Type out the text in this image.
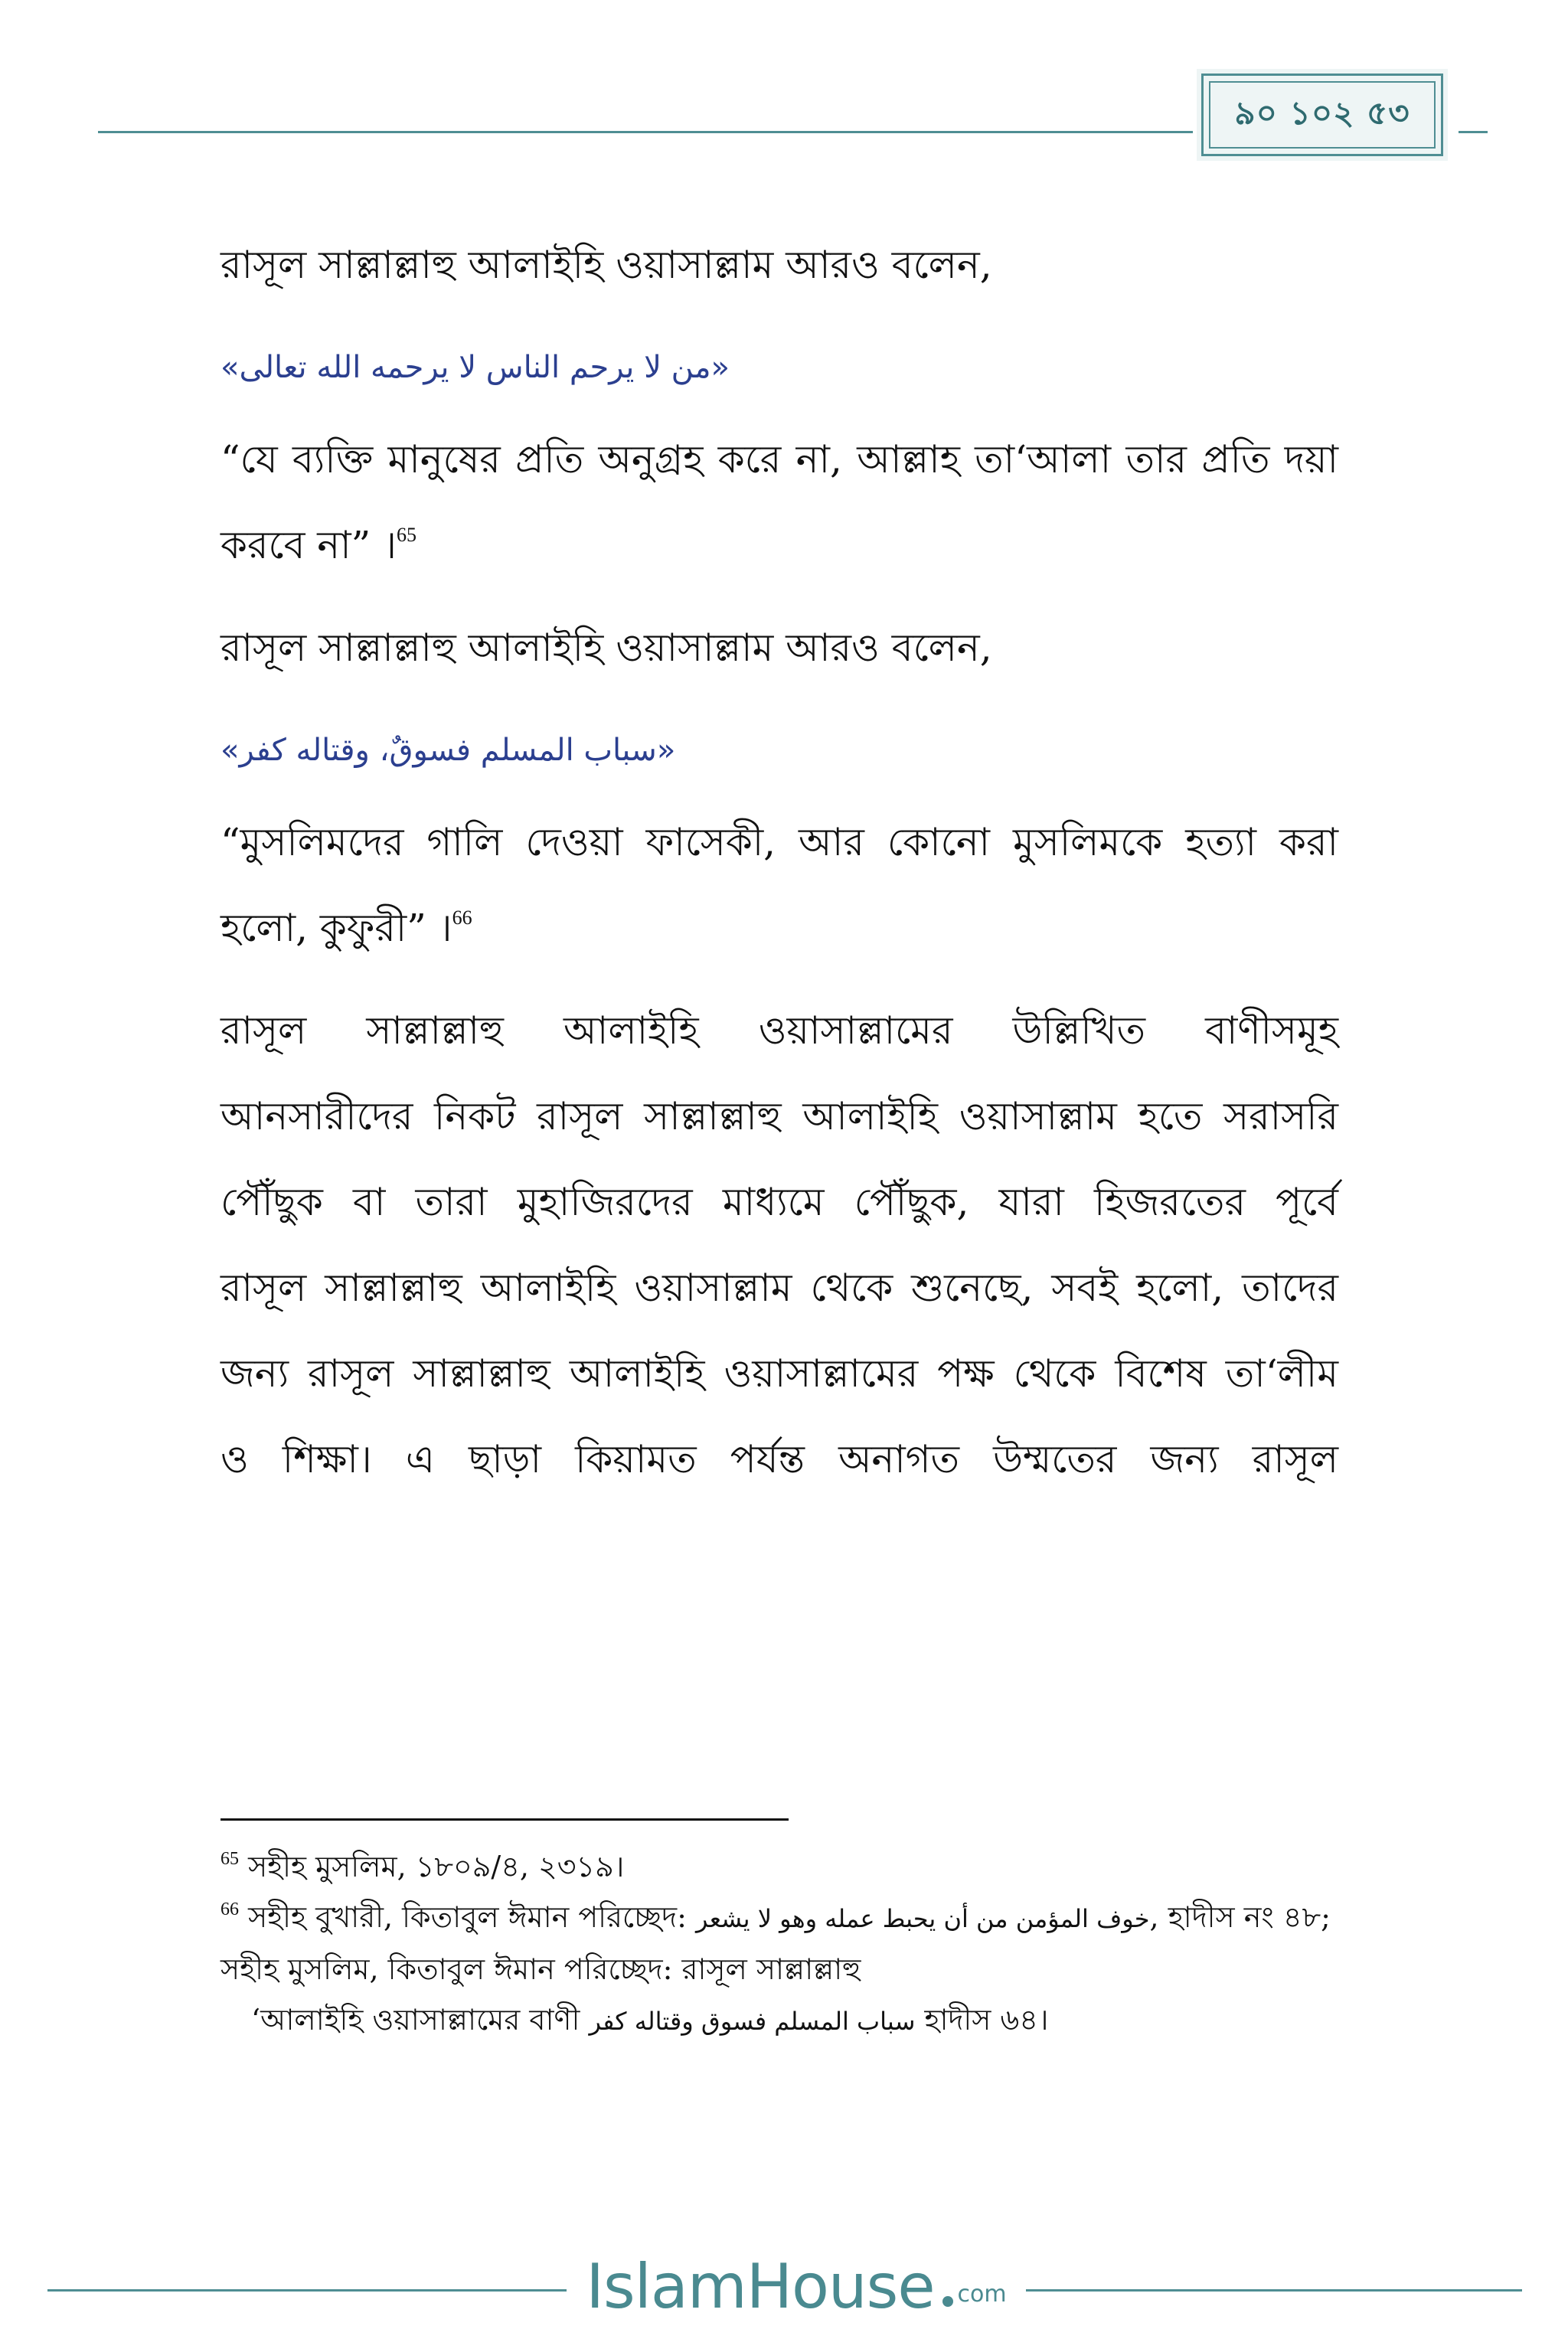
৯০ ১০২ ৫৩

রাসূল সাল্লাল্লাহু আলাইহি ওয়াসাল্লাম আরও বলেন,

«من لا يرحم الناس لا يرحمه الله تعالى»

“যে ব্যক্তি মানুষের প্রতি অনুগ্রহ করে না, আল্লাহ তা‘আলা তার প্রতি দয়া করবে না” ।$^{65}$

রাসূল সাল্লাল্লাহু আলাইহি ওয়াসাল্লাম আরও বলেন,

«سباب المسلم فسوقٌ، وقتاله كفر»

“মুসলিমদের গালি দেওয়া ফাসেকী, আর কোনো মুসলিমকে হত্যা করা হলো, কুফুরী” ।$^{66}$

রাসূল সাল্লাল্লাহু আলাইহি ওয়াসাল্লামের উল্লিখিত বাণীসমূহ

আনসারীদের নিকট রাসূল সাল্লাল্লাহু আলাইহি ওয়াসাল্লাম হতে সরাসরি

পৌঁছুক বা তারা মুহাজিরদের মাধ্যমে পৌঁছুক, যারা হিজরতের পূর্বে

রাসূল সাল্লাল্লাহু আলাইহি ওয়াসাল্লাম থেকে শুনেছে, সবই হলো, তাদের

জন্য রাসূল সাল্লাল্লাহু আলাইহি ওয়াসাল্লামের পক্ষ থেকে বিশেষ তা‘লীম

ও শিক্ষা। এ ছাড়া কিয়ামত পর্যন্ত অনাগত উম্মতের জন্য রাসূল

$^{65}$ সহীহ মুসলিম, ১৮০৯/৪, ২৩১৯।
$^{66}$ সহীহ বুখারী, কিতাবুল ঈমান পরিচ্ছেদ: خوف المؤمن من أن يحبط عمله وهو لا يشعر, হাদীস নং ৪৮; সহীহ মুসলিম, কিতাবুল ঈমান পরিচ্ছেদ: রাসূল সাল্লাল্লাহু
‘আলাইহি ওয়াসাল্লামের বাণী سباب المسلم فسوق وقتاله كفر হাদীস ৬৪।
IslamHouse com
